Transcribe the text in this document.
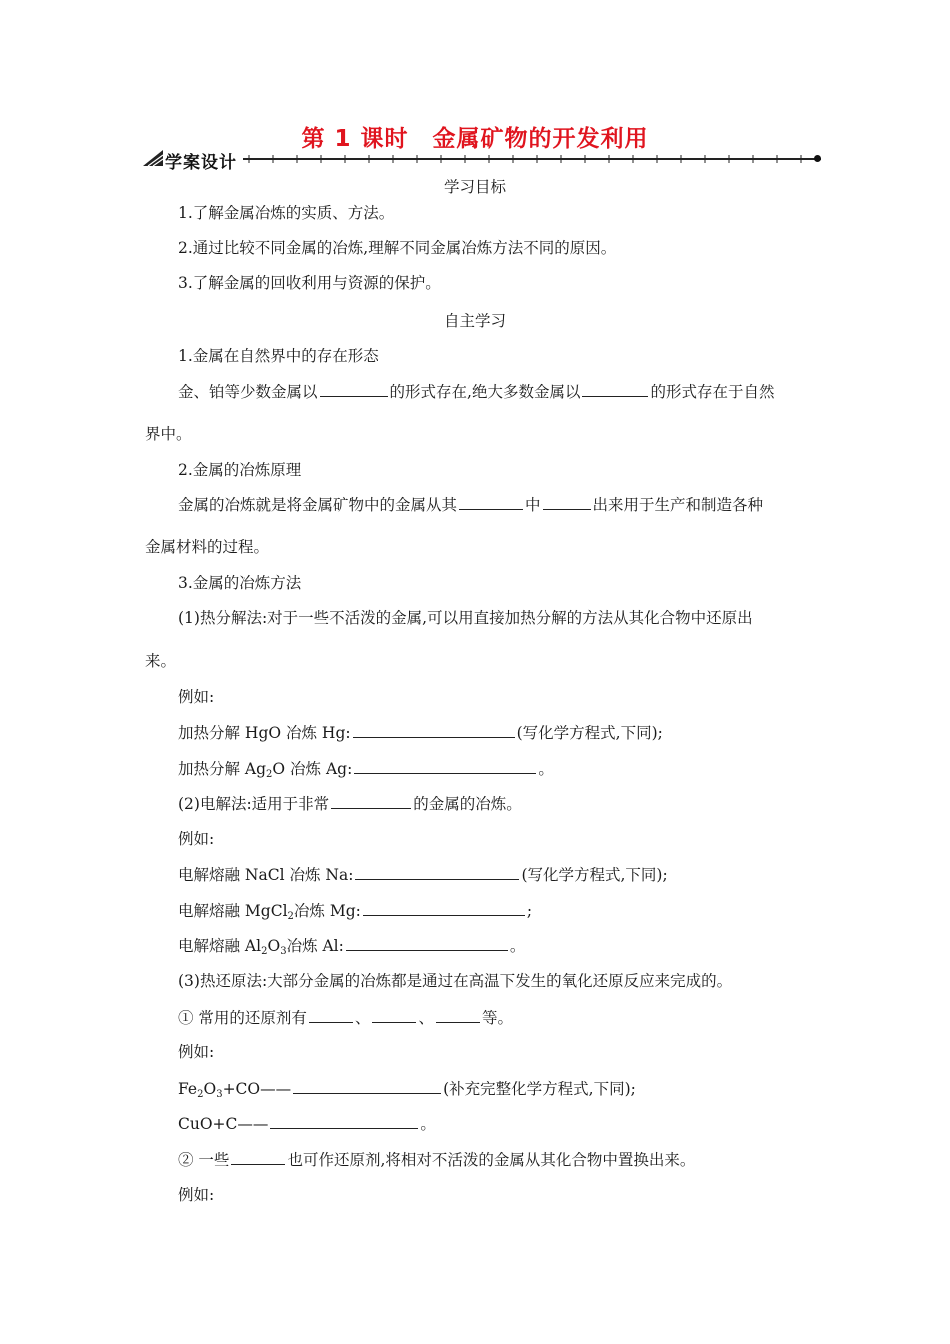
第 1 课时　金属矿物的开发利用
学案设计
学习目标
1.了解金属冶炼的实质、方法。
2.通过比较不同金属的冶炼,理解不同金属冶炼方法不同的原因。
3.了解金属的回收利用与资源的保护。
自主学习
1.金属在自然界中的存在形态
金、铂等少数金属以	的形式存在,绝大多数金属以	的形式存在于自然
界中。
2.金属的冶炼原理
金属的冶炼就是将金属矿物中的金属从其	中	出来用于生产和制造各种
金属材料的过程。
3.金属的冶炼方法
(1)热分解法:对于一些不活泼的金属,可以用直接加热分解的方法从其化合物中还原出
来。
例如:
加热分解 HgO 冶炼 Hg:	(写化学方程式,下同);
加热分解 $Ag_2O$ 冶炼 Ag:	。
(2)电解法:适用于非常	的金属的冶炼。
例如:
电解熔融 NaCl 冶炼 Na:	(写化学方程式,下同);
电解熔融 MgCl$_2$冶炼 Mg:	;
电解熔融 $Al_2O_3$冶炼 Al:	。
(3)热还原法:大部分金属的冶炼都是通过在高温下发生的氧化还原反应来完成的。
① 常用的还原剂有	、	、	等。
例如:
$Fe_2O_3+CO——$	(补充完整化学方程式,下同);
CuO+C——	。
② 一些	也可作还原剂,将相对不活泼的金属从其化合物中置换出来。
例如:
